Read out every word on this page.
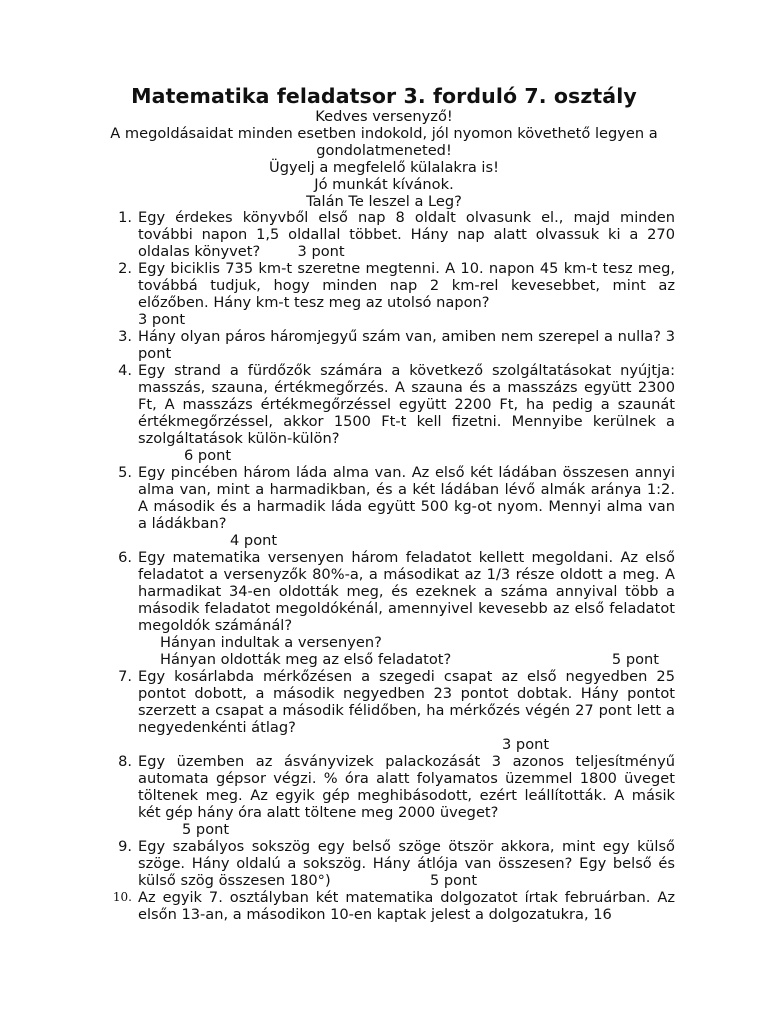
Matematika feladatsor 3. forduló 7. osztály
Kedves versenyző!
A megoldásaidat minden esetben indokold, jól nyomon követhető legyen a gondolatmeneted!
Ügyelj a megfelelő külalakra is!
Jó munkát kívánok.
Talán Te leszel a Leg?
1. Egy érdekes könyvből első nap 8 oldalt olvasunk el., majd minden további napon 1,5 oldallal többet. Hány nap alatt olvassuk ki a 270 oldalas könyvet?	3 pont
2. Egy biciklis 735 km-t szeretne megtenni. A 10. napon 45 km-t tesz meg, továbbá tudjuk, hogy minden nap 2 km-rel kevesebbet, mint az előzőben. Hány km-t tesz meg az utolsó napon?
3 pont
3. Hány olyan páros háromjegyű szám van, amiben nem szerepel a nulla? 3 pont
4. Egy strand a fürdőzők számára a következő szolgáltatásokat nyújtja: masszás, szauna, értékmegőrzés. A szauna és a masszázs együtt 2300 Ft, A masszázs értékmegőrzéssel együtt 2200 Ft, ha pedig a szaunát értékmegőrzéssel, akkor 1500 Ft-t kell fizetni. Mennyibe kerülnek a szolgáltatások külön-külön?
6 pont
5. Egy pincében három láda alma van. Az első két ládában összesen annyi alma van, mint a harmadikban, és a két ládában lévő almák aránya 1:2. A második és a harmadik láda együtt 500 kg-ot nyom. Mennyi alma van a ládákban?
4 pont
6. Egy matematika versenyen három feladatot kellett megoldani. Az első feladatot a versenyzők 80%-a, a másodikat az 1/3 része oldott a meg. A harmadikat 34-en oldották meg, és ezeknek a száma annyival több a második feladatot megoldókénál, amennyivel kevesebb az első feladatot megoldók számánál?
Hányan indultak a versenyen?
Hányan oldották meg az első feladatot?	5 pont
7. Egy kosárlabda mérkőzésen a szegedi csapat az első negyedben 25 pontot dobott, a második negyedben 23 pontot dobtak. Hány pontot szerzett a csapat a második félidőben, ha mérkőzés végén 27 pont lett a negyedenkénti átlag?
3 pont
8. Egy üzemben az ásványvizek palackozását 3 azonos teljesítményű automata gépsor végzi. % óra alatt folyamatos üzemmel 1800 üveget töltenek meg. Az egyik gép meghibásodott, ezért leállították. A másik két gép hány óra alatt töltene meg 2000 üveget?
5 pont
9. Egy szabályos sokszög egy belső szöge ötször akkora, mint egy külső szöge. Hány oldalú a sokszög. Hány átlója van összesen? Egy belső és külső szög összesen 180°)	5 pont
10. Az egyik 7. osztályban két matematika dolgozatot írtak februárban. Az elsőn 13-an, a másodikon 10-en kaptak jelest a dolgozatukra, 16
